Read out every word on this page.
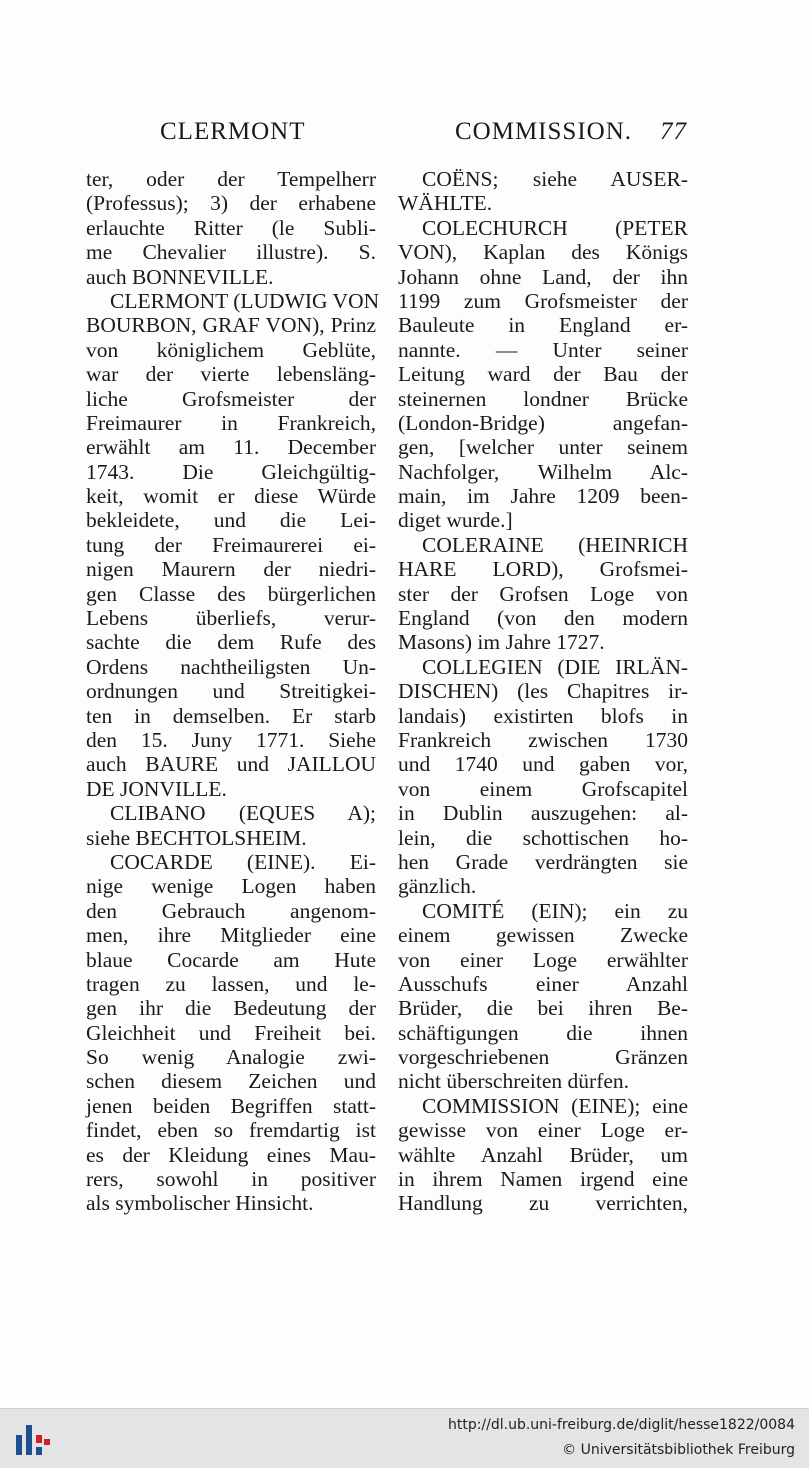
CLERMONT	COMMISSION. 77
ter, oder der Tempelherr
(Professus); 3) der erhabene
erlauchte Ritter (le Subli-
me Chevalier illustre). S.
auch BONNEVILLE.
CLERMONT (LUDWIG VON
BOURBON, GRAF VON), Prinz
von königlichem Geblüte,
war der vierte lebensläng-
liche Grofsmeister der
Freimaurer in Frankreich,
erwählt am 11. December
1743. Die Gleichgültig-
keit, womit er diese Würde
bekleidete, und die Lei-
tung der Freimaurerei ei-
nigen Maurern der niedri-
gen Classe des bürgerlichen
Lebens überliefs, verur-
sachte die dem Rufe des
Ordens nachtheiligsten Un-
ordnungen und Streitigkei-
ten in demselben. Er starb
den 15. Juny 1771. Siehe
auch BAURE und JAILLOU
DE JONVILLE.
CLIBANO (EQUES A);
siehe BECHTOLSHEIM.
COCARDE (EINE). Ei-
nige wenige Logen haben
den Gebrauch angenom-
men, ihre Mitglieder eine
blaue Cocarde am Hute
tragen zu lassen, und le-
gen ihr die Bedeutung der
Gleichheit und Freiheit bei.
So wenig Analogie zwi-
schen diesem Zeichen und
jenen beiden Begriffen statt-
findet, eben so fremdartig ist
es der Kleidung eines Mau-
rers, sowohl in positiver
als symbolischer Hinsicht.
COËNS; siehe AUSER-
WÄHLTE.
COLECHURCH (PETER
VON), Kaplan des Königs
Johann ohne Land, der ihn
1199 zum Grofsmeister der
Bauleute in England er-
nannte. — Unter seiner
Leitung ward der Bau der
steinernen londner Brücke
(London-Bridge) angefan-
gen, [welcher unter seinem
Nachfolger, Wilhelm Alc-
main, im Jahre 1209 been-
diget wurde.]
COLERAINE (HEINRICH
HARE LORD), Grofsmei-
ster der Grofsen Loge von
England (von den modern
Masons) im Jahre 1727.
COLLEGIEN (DIE IRLÄN-
DISCHEN) (les Chapitres ir-
landais) existirten blofs in
Frankreich zwischen 1730
und 1740 und gaben vor,
von einem Grofscapitel
in Dublin auszugehen: al-
lein, die schottischen ho-
hen Grade verdrängten sie
gänzlich.
COMITÉ (EIN); ein zu
einem gewissen Zwecke
von einer Loge erwählter
Ausschufs einer Anzahl
Brüder, die bei ihren Be-
schäftigungen die ihnen
vorgeschriebenen Gränzen
nicht überschreiten dürfen.
COMMISSION (EINE); eine
gewisse von einer Loge er-
wählte Anzahl Brüder, um
in ihrem Namen irgend eine
Handlung zu verrichten,
http://dl.ub.uni-freiburg.de/diglit/hesse1822/0084
© Universitätsbibliothek Freiburg
